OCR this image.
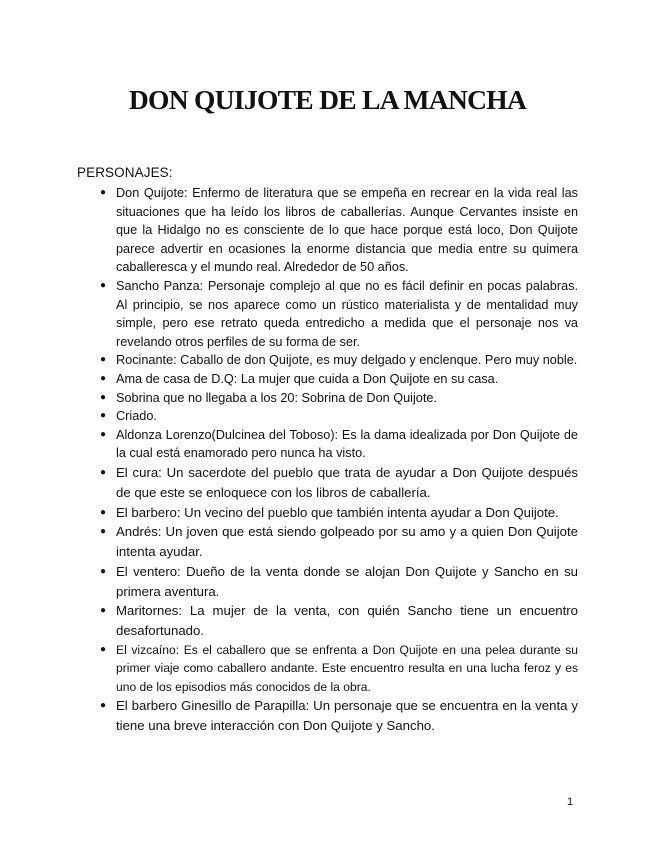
DON QUIJOTE DE LA MANCHA

PERSONAJES:

● Don Quijote: Enfermo de literatura que se empeña en recrear en la vida real las situaciones que ha leído los libros de caballerías. Aunque Cervantes insiste en que la Hidalgo no es consciente de lo que hace porque está loco, Don Quijote parece advertir en ocasiones la enorme distancia que media entre su quimera caballeresca y el mundo real. Alrededor de 50 años.
● Sancho Panza: Personaje complejo al que no es fácil definir en pocas palabras. Al principio, se nos aparece como un rústico materialista y de mentalidad muy simple, pero ese retrato queda entredicho a medida que el personaje nos va revelando otros perfiles de su forma de ser.
● Rocinante: Caballo de don Quijote, es muy delgado y enclenque. Pero muy noble.
● Ama de casa de D.Q: La mujer que cuida a Don Quijote en su casa.
● Sobrina que no llegaba a los 20: Sobrina de Don Quijote.
● Criado.
● Aldonza Lorenzo(Dulcinea del Toboso): Es la dama idealizada por Don Quijote de la cual está enamorado pero nunca ha visto.
● El cura: Un sacerdote del pueblo que trata de ayudar a Don Quijote después de que este se enloquece con los libros de caballería.
● El barbero: Un vecino del pueblo que también intenta ayudar a Don Quijote.
● Andrés: Un joven que está siendo golpeado por su amo y a quien Don Quijote intenta ayudar.
● El ventero: Dueño de la venta donde se alojan Don Quijote y Sancho en su primera aventura.
● Maritornes: La mujer de la venta, con quién Sancho tiene un encuentro desafortunado.
● El vizcaíno: Es el caballero que se enfrenta a Don Quijote en una pelea durante su primer viaje como caballero andante. Este encuentro resulta en una lucha feroz y es uno de los episodios más conocidos de la obra.
● El barbero Ginesillo de Parapilla: Un personaje que se encuentra en la venta y tiene una breve interacción con Don Quijote y Sancho.
1
